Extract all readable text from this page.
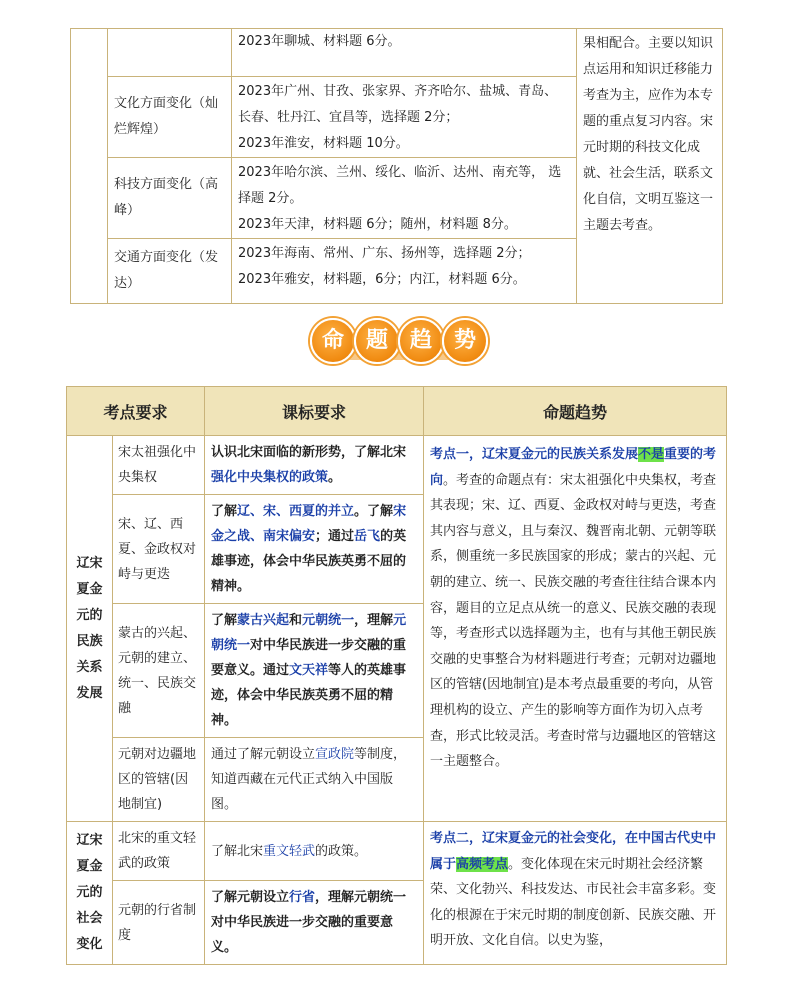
		2023年聊城、材料题 6分。	果相配合。主要以知识点运用和知识迁移能力考查为主，应作为本专题的重点复习内容。宋元时期的科技文化成就、社会生活，联系文化自信，文明互鉴这一主题去考查。
	文化方面变化（灿烂辉煌）	2023年广州、甘孜、张家界、齐齐哈尔、盐城、青岛、长春、牡丹江、宜昌等，选择题 2分；
2023年淮安，材料题 10分。	

	科技方面变化（高峰）	2023年哈尔滨、兰州、绥化、临沂、达州、南充等， 选择题 2分。
2023年天津，材料题 6分；随州，材料题 8分。	

	交通方面变化（发达）	2023年海南、常州、广东、扬州等，选择题 2分；
2023年雅安，材料题，6分；内江，材料题 6分。	
命 题 趋 势
考点要求		课标要求	命题趋势
辽宋夏金元的民族关系发展	宋太祖强化中央集权	认识北宋面临的新形势，了解北宋强化中央集权的政策。	考点一，辽宋夏金元的民族关系发展不是重要的考向。考查的命题点有：宋太祖强化中央集权，考查其表现；宋、辽、西夏、金政权对峙与更迭，考查其内容与意义，且与秦汉、魏晋南北朝、元朝等联系，侧重统一多民族国家的形成；蒙古的兴起、元朝的建立、统一、民族交融的考查往往结合课本内容，题目的立足点从统一的意义、民族交融的表现等，考查形式以选择题为主，也有与其他王朝民族交融的史事整合为材料题进行考查；元朝对边疆地区的管辖(因地制宜)是本考点最重要的考向，从管理机构的设立、产生的影响等方面作为切入点考查，形式比较灵活。考查时常与边疆地区的管辖这一主题整合。

	宋、辽、西夏、金政权对峙与更迭	了解辽、宋、西夏的并立。了解宋金之战、南宋偏安；通过岳飞的英雄事迹，体会中华民族英勇不屈的精神。	
	蒙古的兴起、元朝的建立、统一、民族交融	了解蒙古兴起和元朝统一，理解元朝统一对中华民族进一步交融的重要意义。通过文天祥等人的英雄事迹，体会中华民族英勇不屈的精神。	
	元朝对边疆地区的管辖(因地制宜)	通过了解元朝设立宣政院等制度，知道西藏在元代正式纳入中国版图。	
辽宋夏金元的社会变化	北宋的重文轻武的政策	了解北宋重文轻武的政策。	考点二，辽宋夏金元的社会变化，在中国古代史中属于高频考点。变化体现在宋元时期社会经济繁荣、文化勃兴、科技发达、市民社会丰富多彩。变化的根源在于宋元时期的制度创新、民族交融、开明开放、文化自信。以史为鉴，

	元朝的行省制度	了解元朝设立行省，理解元朝统一对中华民族进一步交融的重要意义。	
